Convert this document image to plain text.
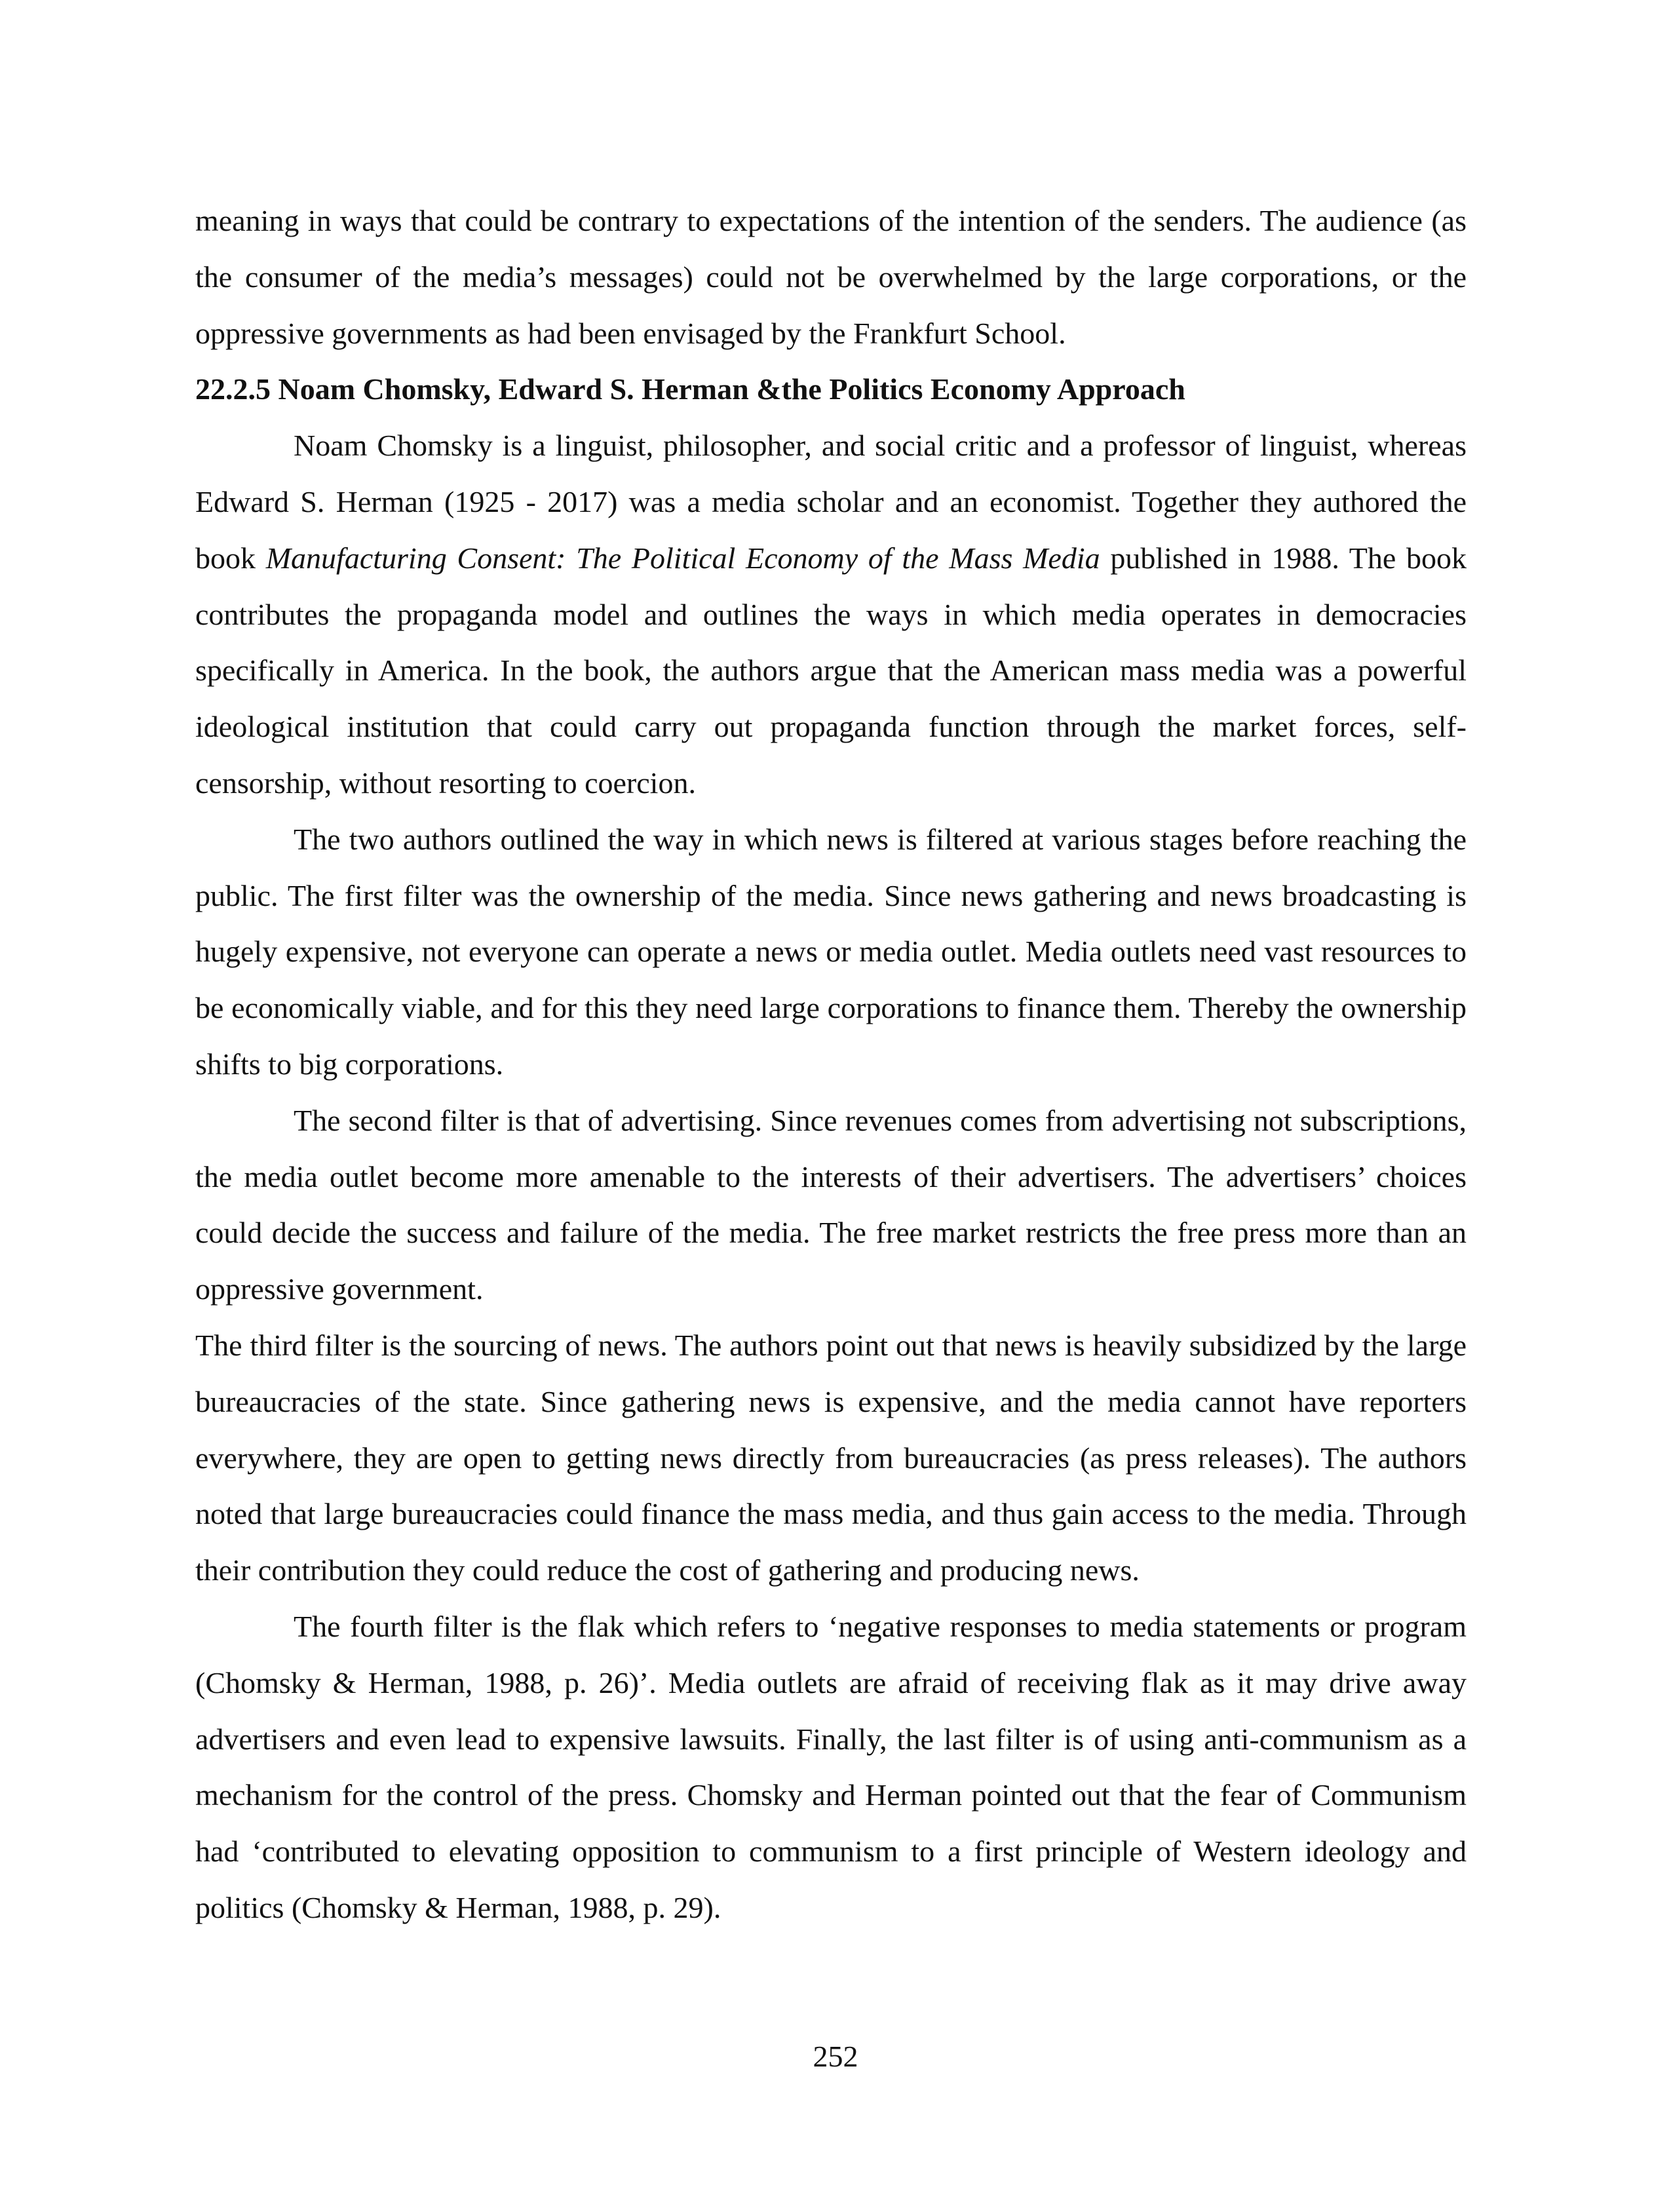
meaning in ways that could be contrary to expectations of the intention of the senders. The audience (as the consumer of the media’s messages) could not be overwhelmed by the large corporations, or the oppressive governments as had been envisaged by the Frankfurt School.

22.2.5 Noam Chomsky, Edward S. Herman &the Politics Economy Approach

Noam Chomsky is a linguist, philosopher, and social critic and a professor of linguist, whereas Edward S. Herman (1925 - 2017) was a media scholar and an economist. Together they authored the book Manufacturing Consent: The Political Economy of the Mass Media published in 1988. The book contributes the propaganda model and outlines the ways in which media operates in democracies specifically in America. In the book, the authors argue that the American mass media was a powerful ideological institution that could carry out propaganda function through the market forces, self-censorship, without resorting to coercion.

The two authors outlined the way in which news is filtered at various stages before reaching the public. The first filter was the ownership of the media. Since news gathering and news broadcasting is hugely expensive, not everyone can operate a news or media outlet. Media outlets need vast resources to be economically viable, and for this they need large corporations to finance them. Thereby the ownership shifts to big corporations.

The second filter is that of advertising. Since revenues comes from advertising not subscriptions, the media outlet become more amenable to the interests of their advertisers. The advertisers’ choices could decide the success and failure of the media. The free market restricts the free press more than an oppressive government.

The third filter is the sourcing of news. The authors point out that news is heavily subsidized by the large bureaucracies of the state. Since gathering news is expensive, and the media cannot have reporters everywhere, they are open to getting news directly from bureaucracies (as press releases). The authors noted that large bureaucracies could finance the mass media, and thus gain access to the media. Through their contribution they could reduce the cost of gathering and producing news.

The fourth filter is the flak which refers to ‘negative responses to media statements or program (Chomsky & Herman, 1988, p. 26)’. Media outlets are afraid of receiving flak as it may drive away advertisers and even lead to expensive lawsuits. Finally, the last filter is of using anti-communism as a mechanism for the control of the press. Chomsky and Herman pointed out that the fear of Communism had ‘contributed to elevating opposition to communism to a first principle of Western ideology and politics (Chomsky & Herman, 1988, p. 29).

252
